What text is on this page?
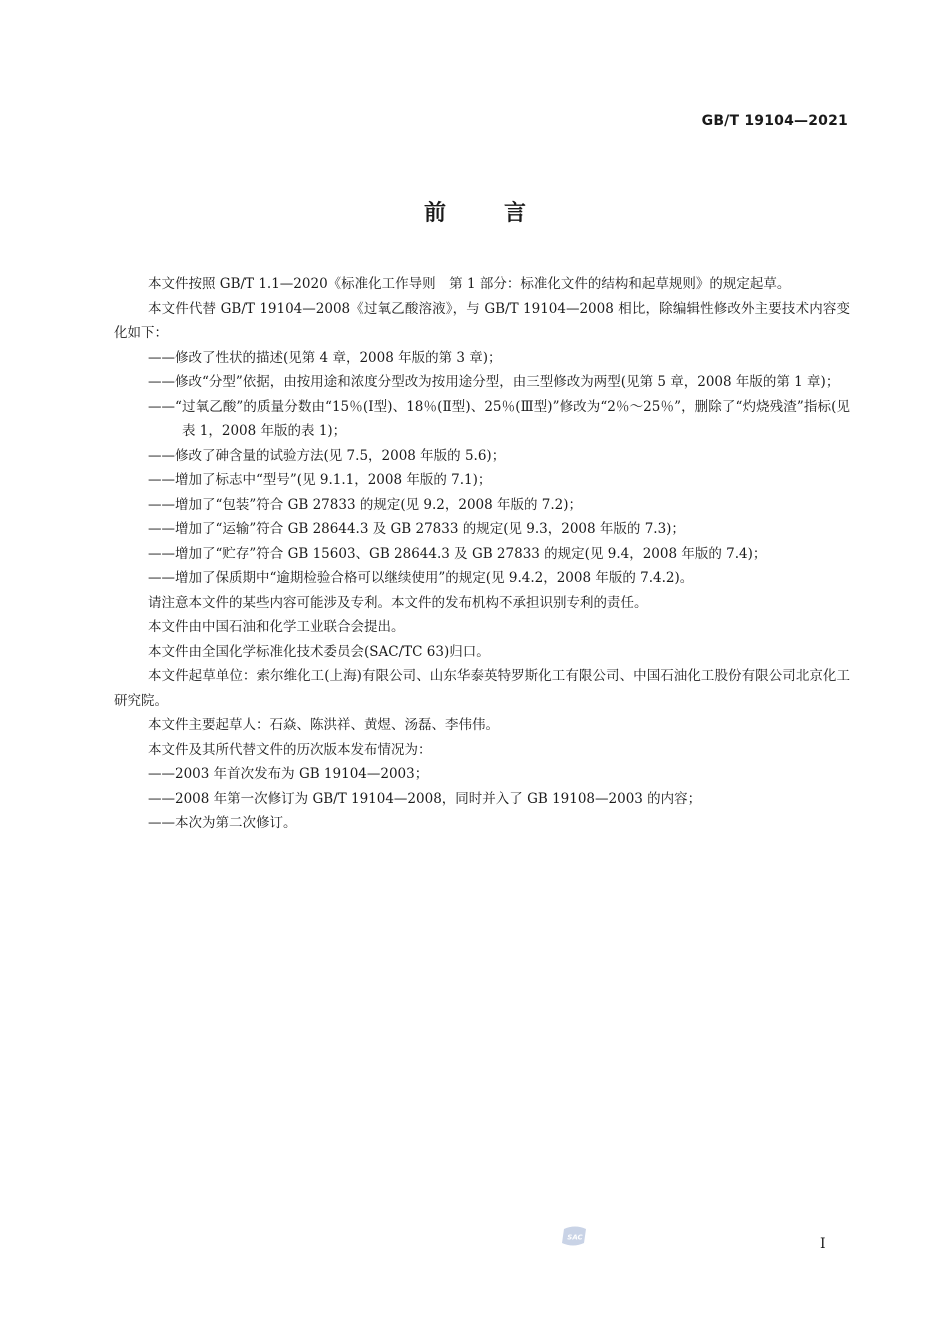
GB/T 19104—2021
前言

本文件按照 GB/T 1.1—2020《标准化工作导则　第 1 部分：标准化文件的结构和起草规则》的规定起草。

本文件代替 GB/T 19104—2008《过氧乙酸溶液》，与 GB/T 19104—2008 相比，除编辑性修改外主要技术内容变化如下：

——修改了性状的描述(见第 4 章，2008 年版的第 3 章)；

——修改“分型”依据，由按用途和浓度分型改为按用途分型，由三型修改为两型(见第 5 章，2008 年版的第 1 章)；

——“过氧乙酸”的质量分数由“15％(Ⅰ型)、18％(Ⅱ型)、25％(Ⅲ型)”修改为“2％～25％”，删除了“灼烧残渣”指标(见表 1，2008 年版的表 1)；

——修改了砷含量的试验方法(见 7.5，2008 年版的 5.6)；

——增加了标志中“型号”(见 9.1.1，2008 年版的 7.1)；

——增加了“包装”符合 GB 27833 的规定(见 9.2，2008 年版的 7.2)；

——增加了“运输”符合 GB 28644.3 及 GB 27833 的规定(见 9.3，2008 年版的 7.3)；

——增加了“贮存”符合 GB 15603、GB 28644.3 及 GB 27833 的规定(见 9.4，2008 年版的 7.4)；

——增加了保质期中“逾期检验合格可以继续使用”的规定(见 9.4.2，2008 年版的 7.4.2)。

请注意本文件的某些内容可能涉及专利。本文件的发布机构不承担识别专利的责任。

本文件由中国石油和化学工业联合会提出。

本文件由全国化学标准化技术委员会(SAC/TC 63)归口。

本文件起草单位：索尔维化工(上海)有限公司、山东华泰英特罗斯化工有限公司、中国石油化工股份有限公司北京化工研究院。

本文件主要起草人：石焱、陈洪祥、黄煜、汤磊、李伟伟。

本文件及其所代替文件的历次版本发布情况为：

——2003 年首次发布为 GB 19104—2003；

——2008 年第一次修订为 GB/T 19104—2008，同时并入了 GB 19108—2003 的内容；

——本次为第二次修订。

SAC	I
